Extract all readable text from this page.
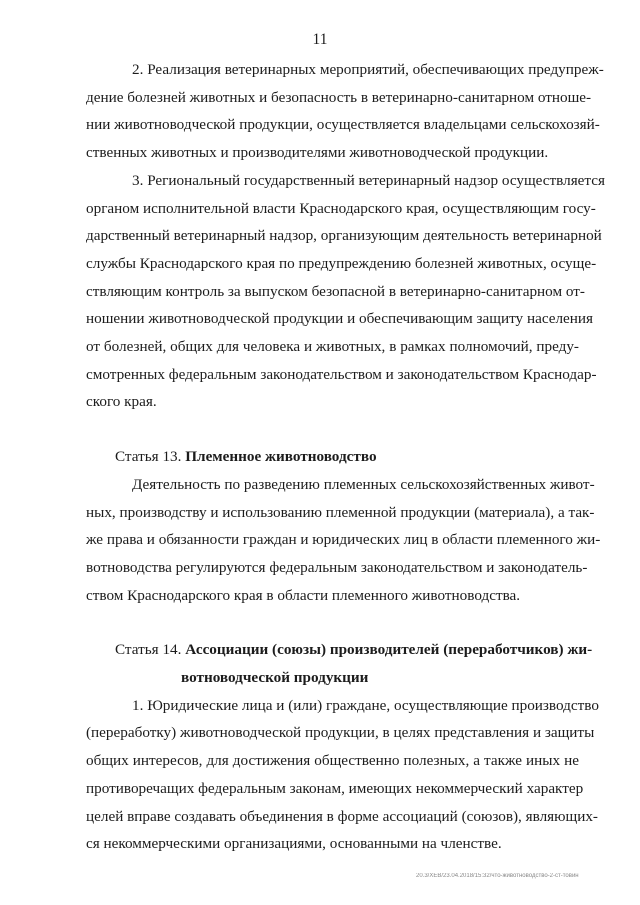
11
2. Реализация ветеринарных мероприятий, обеспечивающих предупреж-
дение болезней животных и безопасность в ветеринарно-санитарном отноше-
нии животноводческой продукции, осуществляется владельцами сельскохозяй-
ственных животных и производителями животноводческой продукции.
3. Региональный государственный ветеринарный надзор осуществляется
органом исполнительной власти Краснодарского края, осуществляющим госу-
дарственный ветеринарный надзор, организующим деятельность ветеринарной
службы Краснодарского края по предупреждению болезней животных, осуще-
ствляющим контроль за выпуском безопасной в ветеринарно-санитарном от-
ношении животноводческой продукции и обеспечивающим защиту населения
от болезней, общих для человека и животных, в рамках полномочий, преду-
смотренных федеральным законодательством и законодательством Краснодар-
ского края.
Статья 13. Племенное животноводство
Деятельность по разведению племенных сельскохозяйственных живот-
ных, производству и использованию племенной продукции (материала), а так-
же права и обязанности граждан и юридических лиц в области племенного жи-
вотноводства регулируются федеральным законодательством и законодатель-
ством Краснодарского края в области племенного животноводства.
Статья 14. Ассоциации (союзы) производителей (переработчиков) жи-
вотноводческой продукции
1. Юридические лица и (или) граждане, осуществляющие производство
(переработку) животноводческой продукции, в целях представления и защиты
общих интересов, для достижения общественно полезных, а также иных не
противоречащих федеральным законам, имеющих некоммерческий характер
целей вправе создавать объединения в форме ассоциаций (союзов), являющих-
ся некоммерческими организациями, основанными на членстве.
20.3/ХЕВ/23.04.2018/15:32/что-животноводство-2-ст-товин
